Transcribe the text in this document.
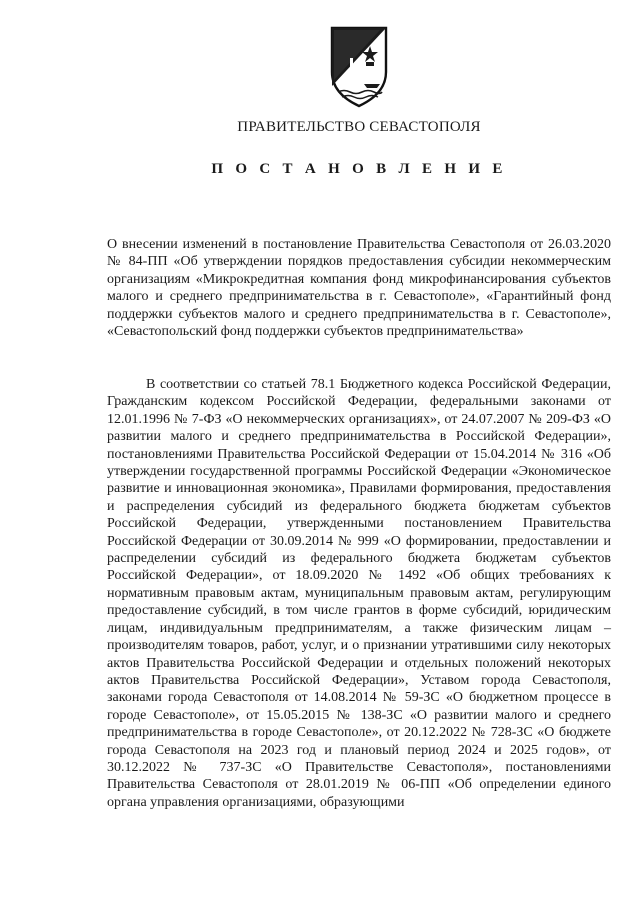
ПРАВИТЕЛЬСТВО СЕВАСТОПОЛЯ
П О С Т А Н О В Л Е Н И Е
О внесении изменений в постановление Правительства Севастополя от 26.03.2020 № 84-ПП «Об утверждении порядков предоставления субсидии некоммерческим организациям «Микрокредитная компания фонд микрофинансирования субъектов малого и среднего предпринимательства в г. Севастополе», «Гарантийный фонд поддержки субъектов малого и среднего предпринимательства в г. Севастополе», «Севастопольский фонд поддержки субъектов предпринимательства»
В соответствии со статьей 78.1 Бюджетного кодекса Российской Федерации, Гражданским кодексом Российской Федерации, федеральными законами от 12.01.1996 № 7-ФЗ «О некоммерческих организациях», от 24.07.2007 № 209-ФЗ «О развитии малого и среднего предпринимательства в Российской Федерации», постановлениями Правительства Российской Федерации от 15.04.2014 № 316 «Об утверждении государственной программы Российской Федерации «Экономическое развитие и инновационная экономика», Правилами формирования, предоставления и распределения субсидий из федерального бюджета бюджетам субъектов Российской Федерации, утвержденными постановлением Правительства Российской Федерации от 30.09.2014 № 999 «О формировании, предоставлении и распределении субсидий из федерального бюджета бюджетам субъектов Российской Федерации», от 18.09.2020 № 1492 «Об общих требованиях к нормативным правовым актам, муниципальным правовым актам, регулирующим предоставление субсидий, в том числе грантов в форме субсидий, юридическим лицам, индивидуальным предпринимателям, а также физическим лицам – производителям товаров, работ, услуг, и о признании утратившими силу некоторых актов Правительства Российской Федерации и отдельных положений некоторых актов Правительства Российской Федерации», Уставом города Севастополя, законами города Севастополя от 14.08.2014 № 59-ЗС «О бюджетном процессе в городе Севастополе», от 15.05.2015 № 138-ЗС «О развитии малого и среднего предпринимательства в городе Севастополе», от 20.12.2022 № 728-ЗС «О бюджете города Севастополя на 2023 год и плановый период 2024 и 2025 годов», от 30.12.2022 № 737-ЗС «О Правительстве Севастополя», постановлениями Правительства Севастополя от 28.01.2019 № 06-ПП «Об определении единого органа управления организациями, образующими
